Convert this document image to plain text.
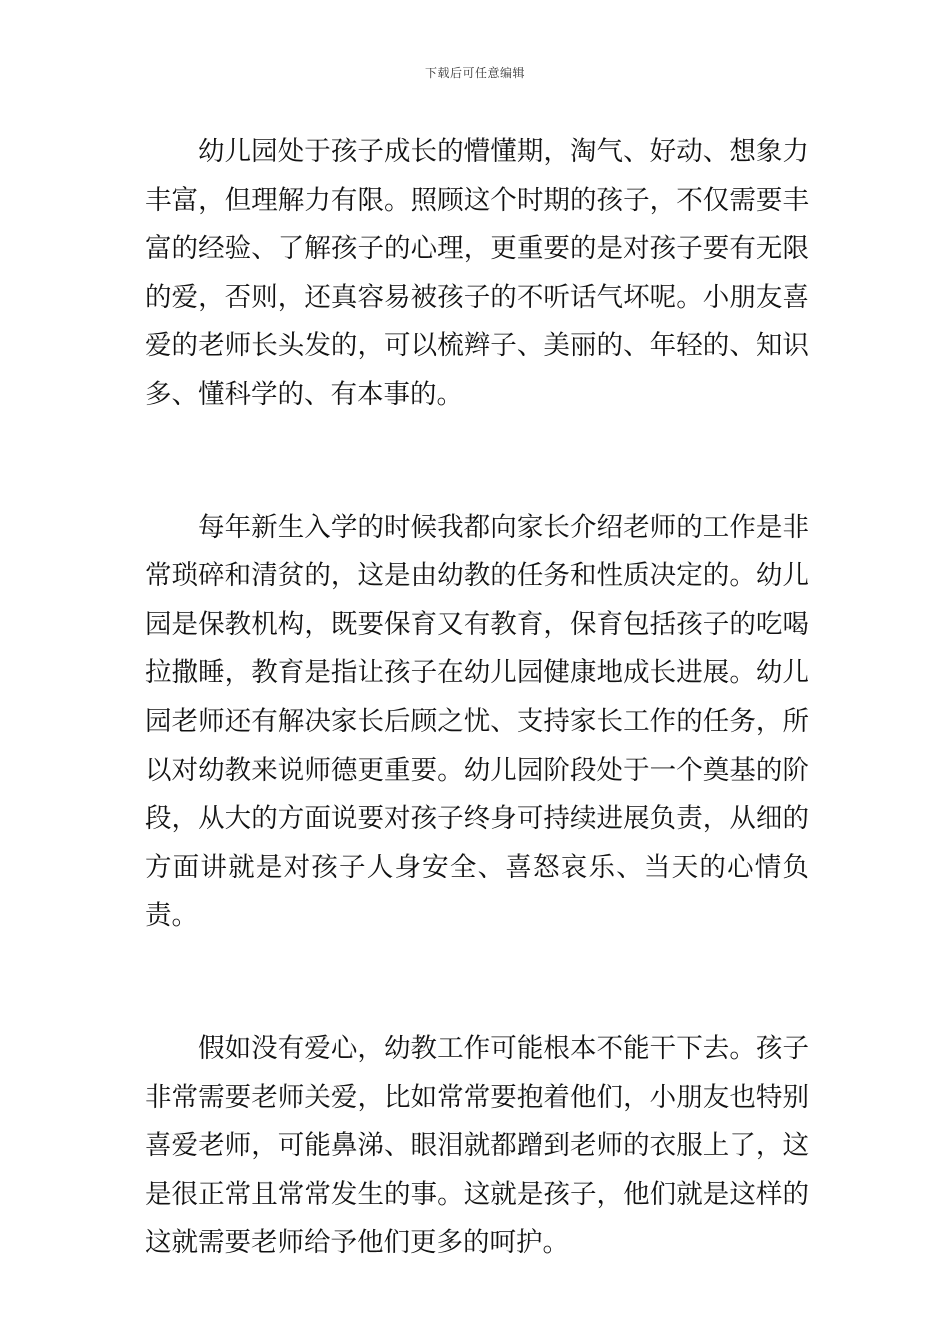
下载后可任意编辑

幼儿园处于孩子成长的懵懂期，淘气、好动、想象力丰富，但理解力有限。照顾这个时期的孩子，不仅需要丰富的经验、了解孩子的心理，更重要的是对孩子要有无限的爱，否则，还真容易被孩子的不听话气坏呢。小朋友喜爱的老师长头发的，可以梳辫子、美丽的、年轻的、知识多、懂科学的、有本事的。

每年新生入学的时候我都向家长介绍老师的工作是非常琐碎和清贫的，这是由幼教的任务和性质决定的。幼儿园是保教机构，既要保育又有教育，保育包括孩子的吃喝拉撒睡，教育是指让孩子在幼儿园健康地成长进展。幼儿园老师还有解决家长后顾之忧、支持家长工作的任务，所以对幼教来说师德更重要。幼儿园阶段处于一个奠基的阶段，从大的方面说要对孩子终身可持续进展负责，从细的方面讲就是对孩子人身安全、喜怒哀乐、当天的心情负责。

假如没有爱心，幼教工作可能根本不能干下去。孩子非常需要老师关爱，比如常常要抱着他们，小朋友也特别喜爱老师，可能鼻涕、眼泪就都蹭到老师的衣服上了，这是很正常且常常发生的事。这就是孩子，他们就是这样的这就需要老师给予他们更多的呵护。
